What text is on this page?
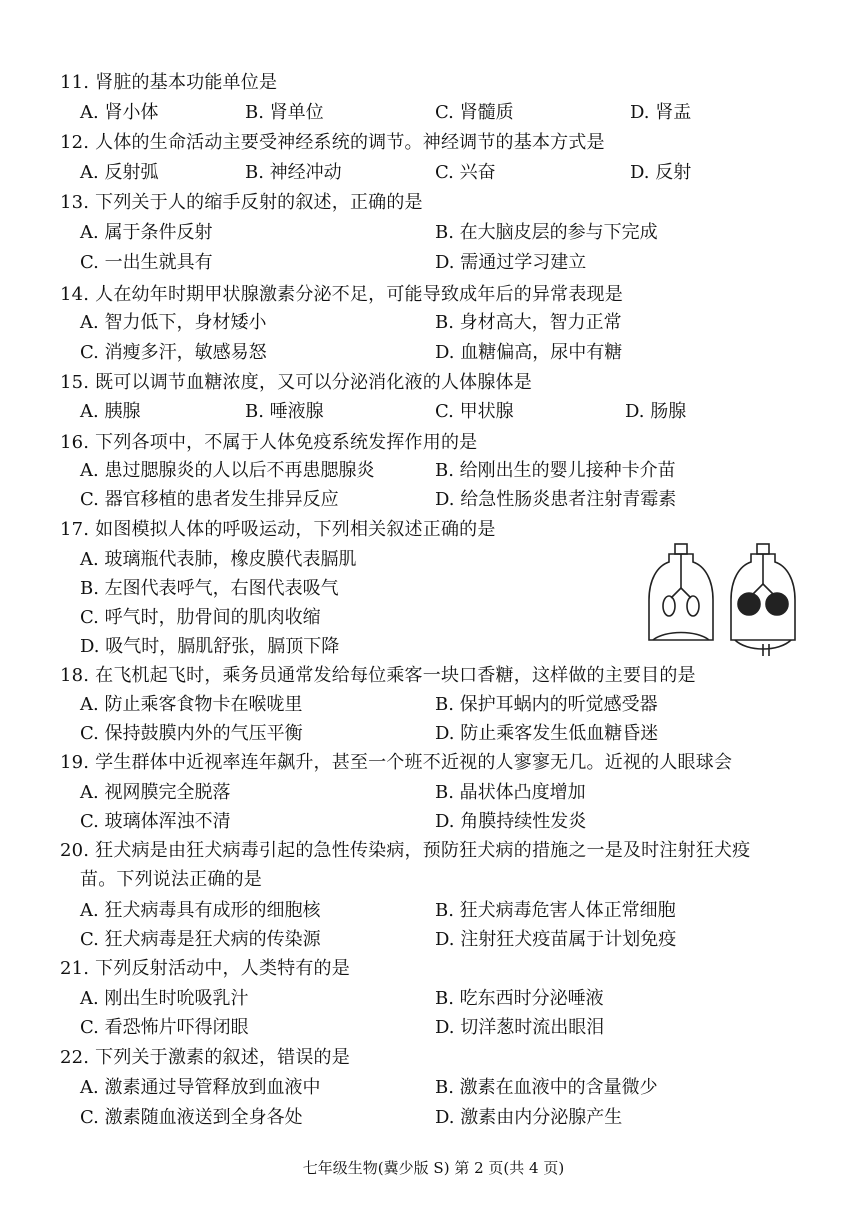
11. 肾脏的基本功能单位是
A. 肾小体	B. 肾单位	C. 肾髓质	D. 肾盂
12. 人体的生命活动主要受神经系统的调节。神经调节的基本方式是
A. 反射弧	B. 神经冲动	C. 兴奋	D. 反射
13. 下列关于人的缩手反射的叙述，正确的是
A. 属于条件反射	B. 在大脑皮层的参与下完成
C. 一出生就具有	D. 需通过学习建立
14. 人在幼年时期甲状腺激素分泌不足，可能导致成年后的异常表现是
A. 智力低下，身材矮小	B. 身材高大，智力正常
C. 消瘦多汗，敏感易怒	D. 血糖偏高，尿中有糖
15. 既可以调节血糖浓度，又可以分泌消化液的人体腺体是
A. 胰腺	B. 唾液腺	C. 甲状腺	D. 肠腺
16. 下列各项中，不属于人体免疫系统发挥作用的是
A. 患过腮腺炎的人以后不再患腮腺炎	B. 给刚出生的婴儿接种卡介苗
C. 器官移植的患者发生排异反应	D. 给急性肠炎患者注射青霉素
17. 如图模拟人体的呼吸运动，下列相关叙述正确的是
A. 玻璃瓶代表肺，橡皮膜代表膈肌
B. 左图代表呼气，右图代表吸气
C. 呼气时，肋骨间的肌肉收缩
D. 吸气时，膈肌舒张，膈顶下降
18. 在飞机起飞时，乘务员通常发给每位乘客一块口香糖，这样做的主要目的是
A. 防止乘客食物卡在喉咙里	B. 保护耳蜗内的听觉感受器
C. 保持鼓膜内外的气压平衡	D. 防止乘客发生低血糖昏迷
19. 学生群体中近视率连年飙升，甚至一个班不近视的人寥寥无几。近视的人眼球会
A. 视网膜完全脱落	B. 晶状体凸度增加
C. 玻璃体浑浊不清	D. 角膜持续性发炎
20. 狂犬病是由狂犬病毒引起的急性传染病，预防狂犬病的措施之一是及时注射狂犬疫
苗。下列说法正确的是
A. 狂犬病毒具有成形的细胞核	B. 狂犬病毒危害人体正常细胞
C. 狂犬病毒是狂犬病的传染源	D. 注射狂犬疫苗属于计划免疫
21. 下列反射活动中，人类特有的是
A. 刚出生时吮吸乳汁	B. 吃东西时分泌唾液
C. 看恐怖片吓得闭眼	D. 切洋葱时流出眼泪
22. 下列关于激素的叙述，错误的是
A. 激素通过导管释放到血液中	B. 激素在血液中的含量微少
C. 激素随血液送到全身各处	D. 激素由内分泌腺产生
七年级生物(冀少版 S) 第 2 页(共 4 页)
